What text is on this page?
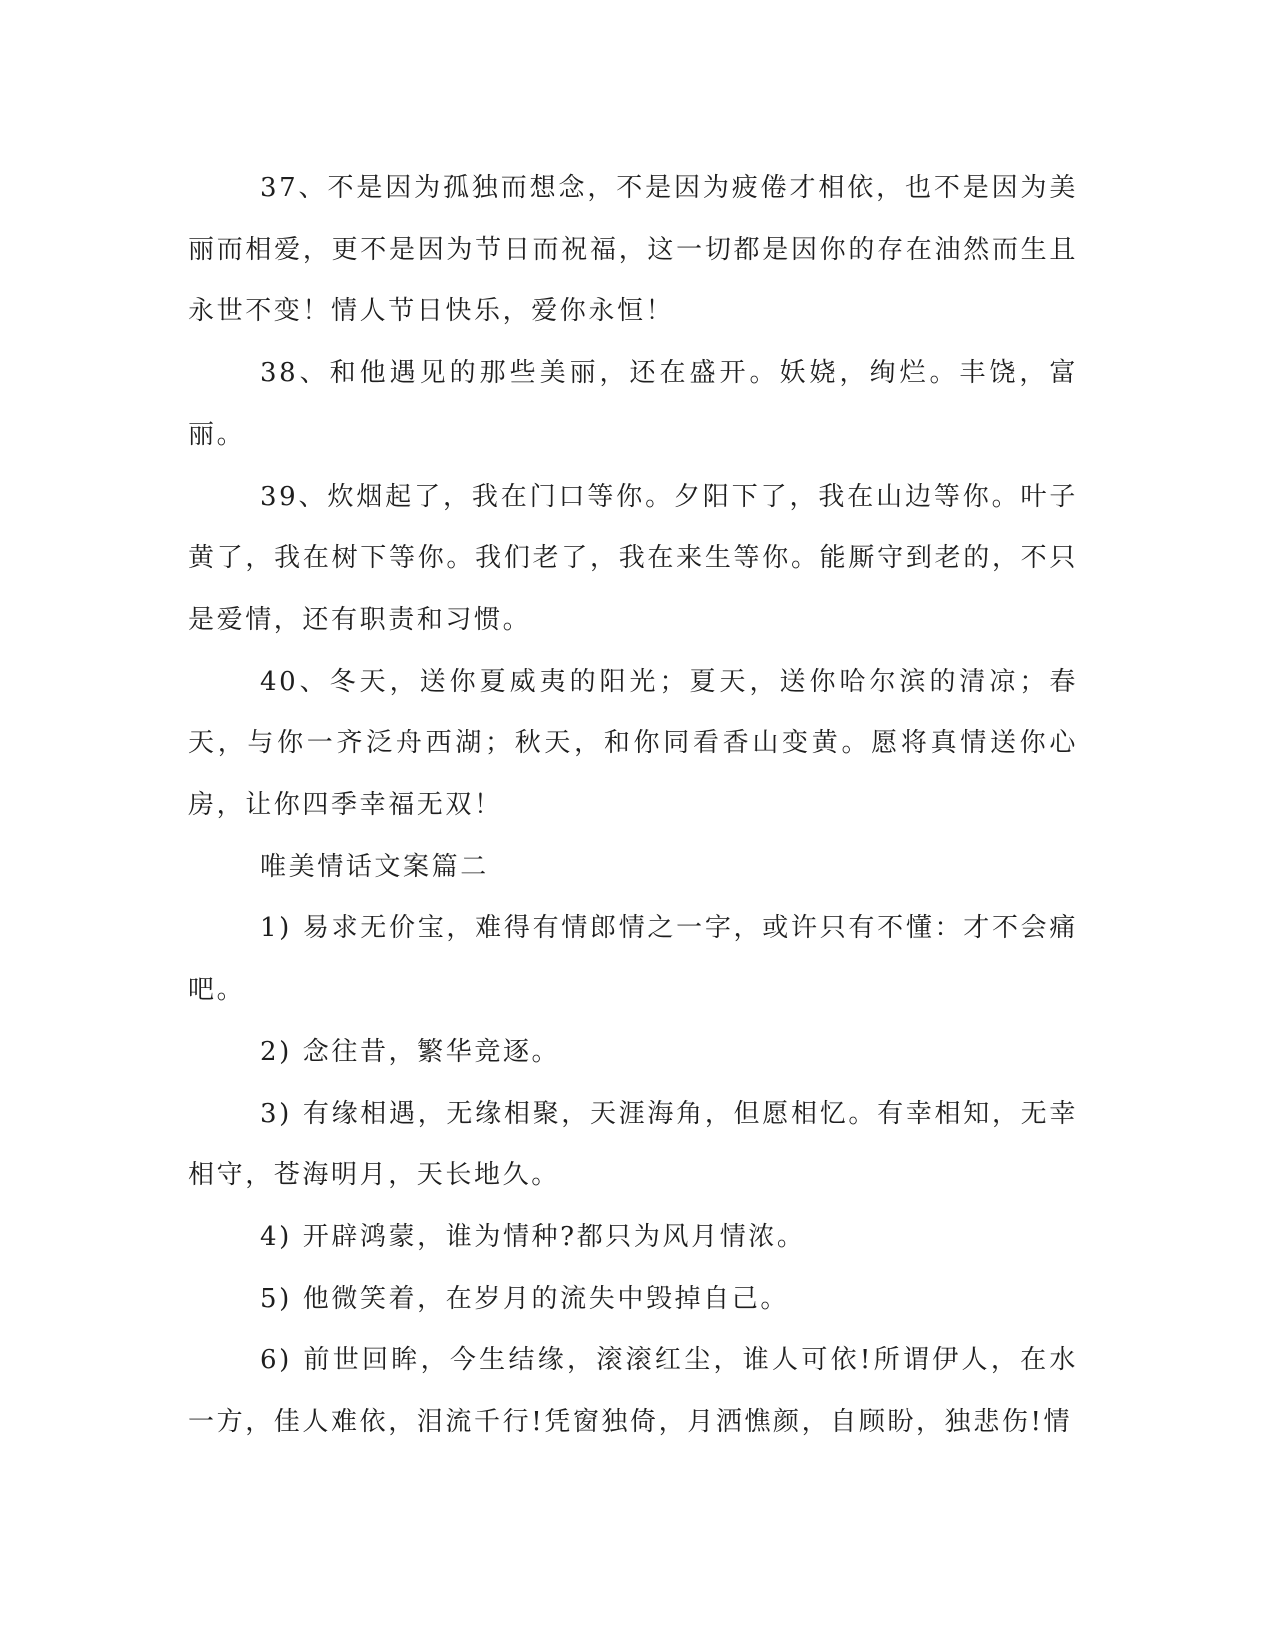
37、不是因为孤独而想念，不是因为疲倦才相依，也不是因为美丽而相爱，更不是因为节日而祝福，这一切都是因你的存在油然而生且永世不变！情人节日快乐，爱你永恒！

38、和他遇见的那些美丽，还在盛开。妖娆，绚烂。丰饶，富丽。

39、炊烟起了，我在门口等你。夕阳下了，我在山边等你。叶子黄了，我在树下等你。我们老了，我在来生等你。能厮守到老的，不只是爱情，还有职责和习惯。

40、冬天，送你夏威夷的阳光；夏天，送你哈尔滨的清凉；春天，与你一齐泛舟西湖；秋天，和你同看香山变黄。愿将真情送你心房，让你四季幸福无双！

唯美情话文案篇二

1) 易求无价宝，难得有情郎情之一字，或许只有不懂：才不会痛吧。

2) 念往昔，繁华竞逐。

3) 有缘相遇，无缘相聚，天涯海角，但愿相忆。有幸相知，无幸相守，苍海明月，天长地久。

4) 开辟鸿蒙，谁为情种?都只为风月情浓。

5) 他微笑着，在岁月的流失中毁掉自己。

6) 前世回眸，今生结缘，滚滚红尘，谁人可依!所谓伊人，在水一方，佳人难依，泪流千行!凭窗独倚，月洒憔颜，自顾盼，独悲伤!情
